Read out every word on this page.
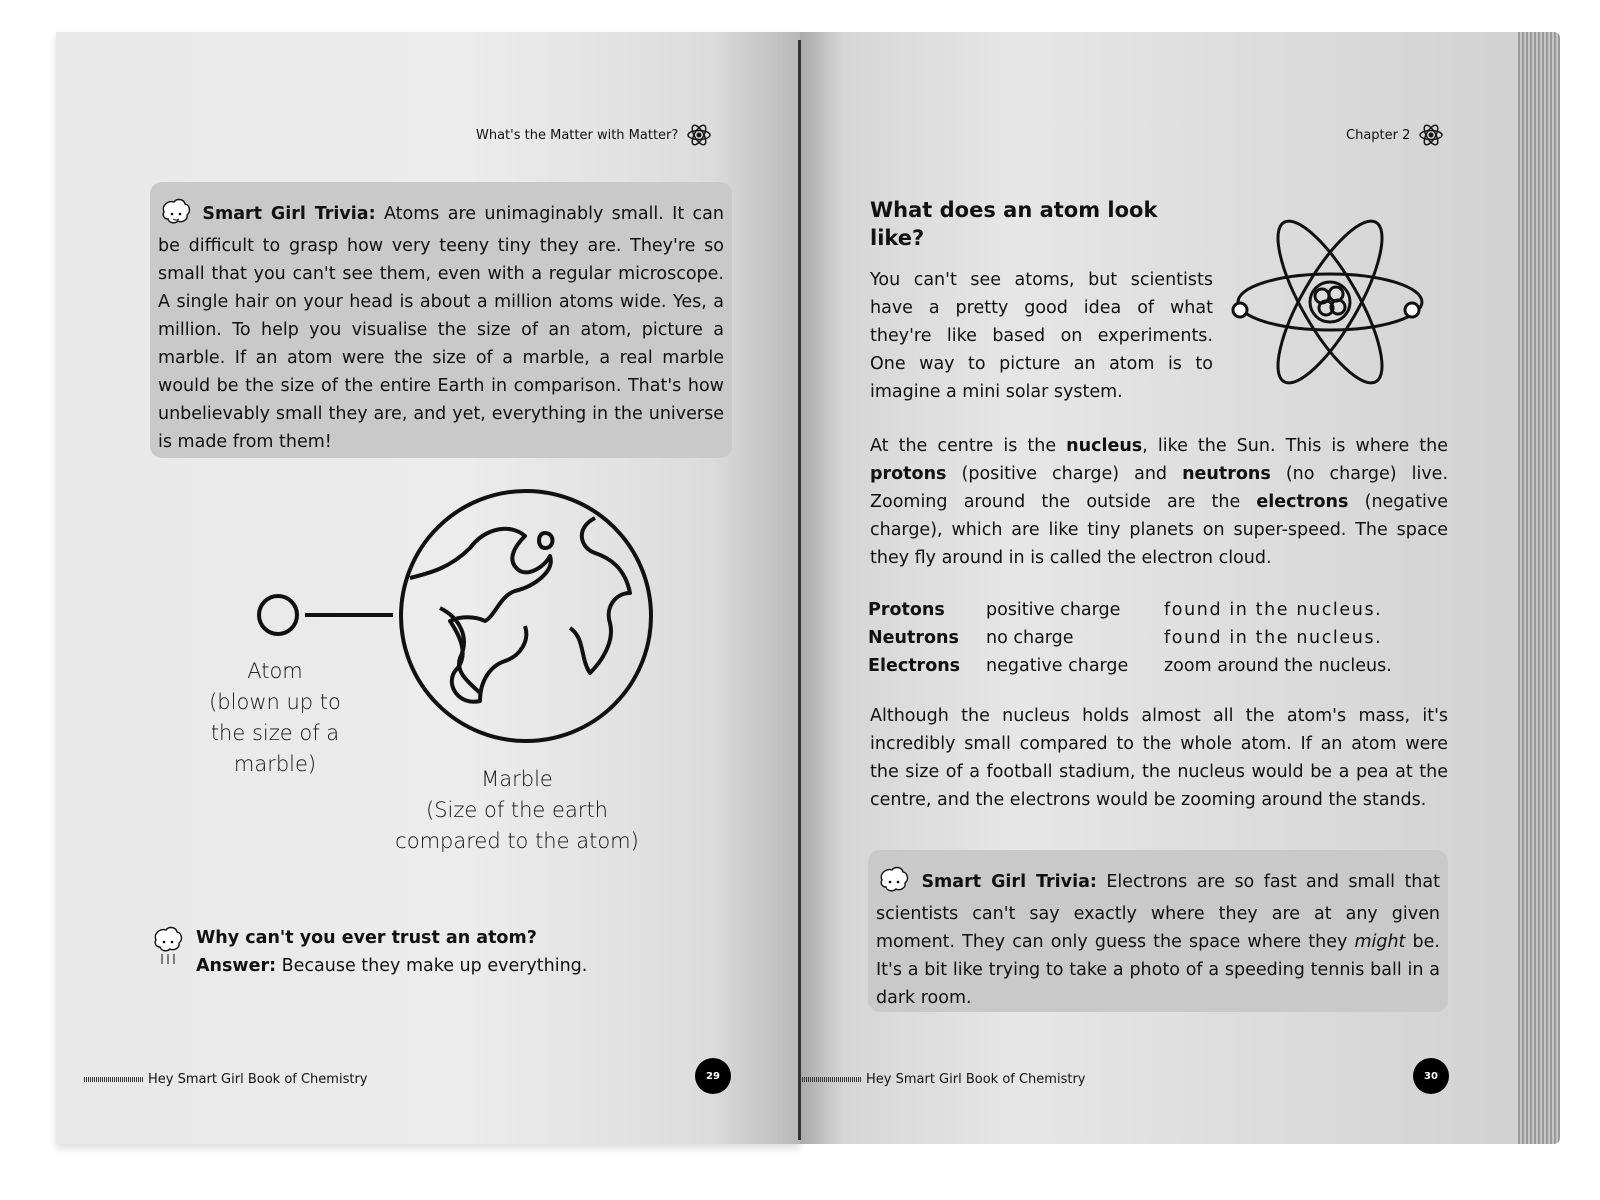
What's the Matter with Matter?

Smart Girl Trivia: Atoms are unimaginably small. It can be difficult to grasp how very teeny tiny they are. They're so small that you can't see them, even with a regular microscope. A single hair on your head is about a million atoms wide. Yes, a million. To help you visualise the size of an atom, picture a marble. If an atom were the size of a marble, a real marble would be the size of the entire Earth in comparison. That's how unbelievably small they are, and yet, everything in the universe is made from them!

Atom
(blown up to
the size of a
marble)
Marble
(Size of the earth
compared to the atom)
Why can't you ever trust an atom?
Answer: Because they make up everything.
Hey Smart Girl Book of Chemistry	29
Chapter 2
What does an atom look like?

You can't see atoms, but scientists have a pretty good idea of what they're like based on experiments. One way to picture an atom is to imagine a mini solar system.

At the centre is the nucleus, like the Sun. This is where the protons (positive charge) and neutrons (no charge) live. Zooming around the outside are the electrons (negative charge), which are like tiny planets on super-speed. The space they fly around in is called the electron cloud.

Protons	positive charge	found in the nucleus.
Neutrons	no charge	found in the nucleus.
Electrons	negative charge	zoom around the nucleus.

Although the nucleus holds almost all the atom's mass, it's incredibly small compared to the whole atom. If an atom were the size of a football stadium, the nucleus would be a pea at the centre, and the electrons would be zooming around the stands.

Smart Girl Trivia: Electrons are so fast and small that scientists can't say exactly where they are at any given moment. They can only guess the space where they might be. It's a bit like trying to take a photo of a speeding tennis ball in a dark room.

Hey Smart Girl Book of Chemistry	30
